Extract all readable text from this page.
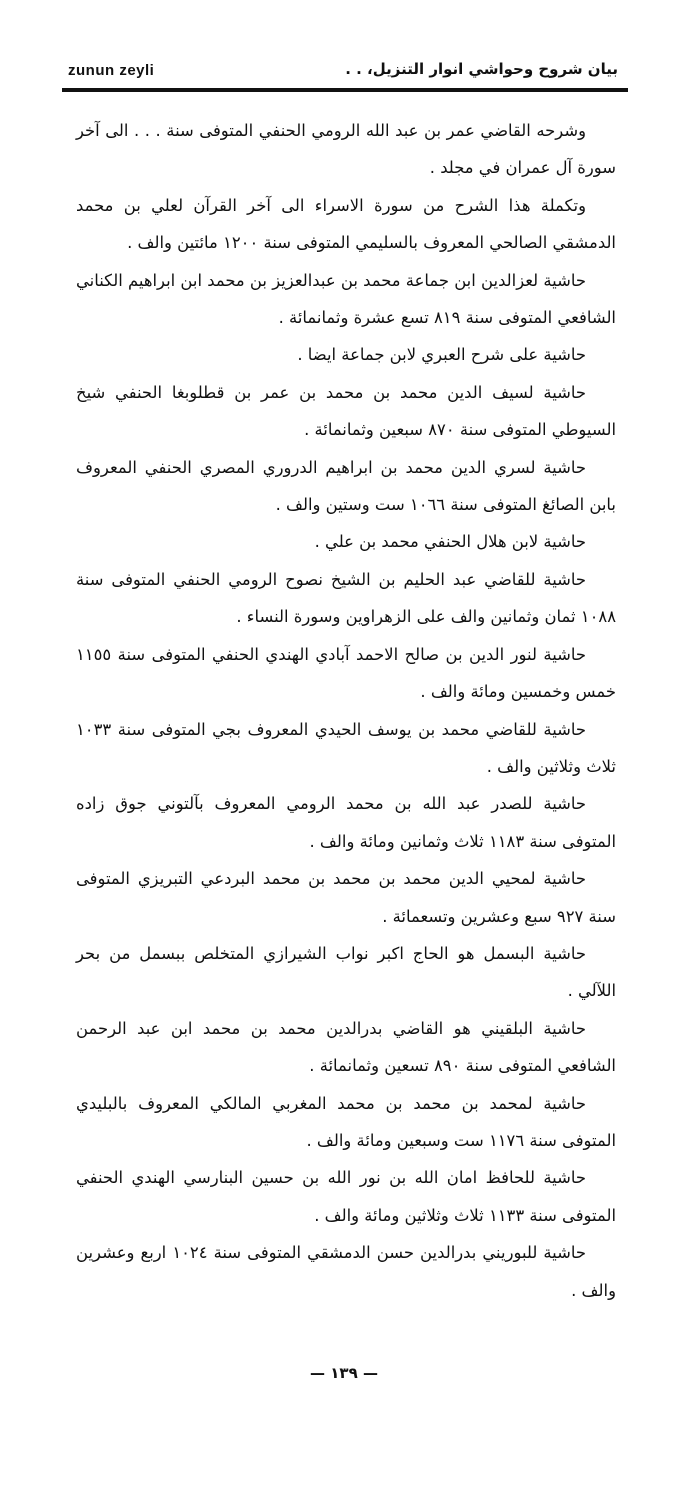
zunun zeyli	بيان شروح وحواشي انوار التنزيل، . .

وشرحه القاضي عمر بن عبد الله الرومي الحنفي المتوفى سنة . . . الى آخر سورة آل عمران في مجلد .

وتكملة هذا الشرح من سورة الاسراء الى آخر القرآن لعلي بن محمد الدمشقي الصالحي المعروف بالسليمي المتوفى سنة ١٢٠٠ مائتين والف .

حاشية لعزالدين ابن جماعة محمد بن عبدالعزيز بن محمد ابن ابراهيم الكناني الشافعي المتوفى سنة ٨١٩ تسع عشرة وثمانمائة .

حاشية على شرح العبري لابن جماعة ايضا .

حاشية لسيف الدين محمد بن محمد بن عمر بن قطلوبغا الحنفي شيخ السيوطي المتوفى سنة ٨٧٠ سبعين وثمانمائة .

حاشية لسري الدين محمد بن ابراهيم الدروري المصري الحنفي المعروف بابن الصائغ المتوفى سنة ١٠٦٦ ست وستين والف .

حاشية لابن هلال الحنفي محمد بن علي .

حاشية للقاضي عبد الحليم بن الشيخ نصوح الرومي الحنفي المتوفى سنة ١٠٨٨ ثمان وثمانين والف على الزهراوين وسورة النساء .

حاشية لنور الدين بن صالح الاحمد آبادي الهندي الحنفي المتوفى سنة ١١٥٥ خمس وخمسين ومائة والف .

حاشية للقاضي محمد بن يوسف الحيدي المعروف بجي المتوفى سنة ١٠٣٣ ثلاث وثلاثين والف .

حاشية للصدر عبد الله بن محمد الرومي المعروف بآلتوني جوق زاده المتوفى سنة ١١٨٣ ثلاث وثمانين ومائة والف .

حاشية لمحيي الدين محمد بن محمد بن محمد البردعي التبريزي المتوفى سنة ٩٢٧ سبع وعشرين وتسعمائة .

حاشية البسمل هو الحاج اكبر نواب الشيرازي المتخلص ببسمل من بحر اللآلي .

حاشية البلقيني هو القاضي بدرالدين محمد بن محمد ابن عبد الرحمن الشافعي المتوفى سنة ٨٩٠ تسعين وثمانمائة .

حاشية لمحمد بن محمد بن محمد المغربي المالكي المعروف بالبليدي المتوفى سنة ١١٧٦ ست وسبعين ومائة والف .

حاشية للحافظ امان الله بن نور الله بن حسين البنارسي الهندي الحنفي المتوفى سنة ١١٣٣ ثلاث وثلاثين ومائة والف .

حاشية للبوريني بدرالدين حسن الدمشقي المتوفى سنة ١٠٢٤ اربع وعشرين والف .

— ١٣٩ —
